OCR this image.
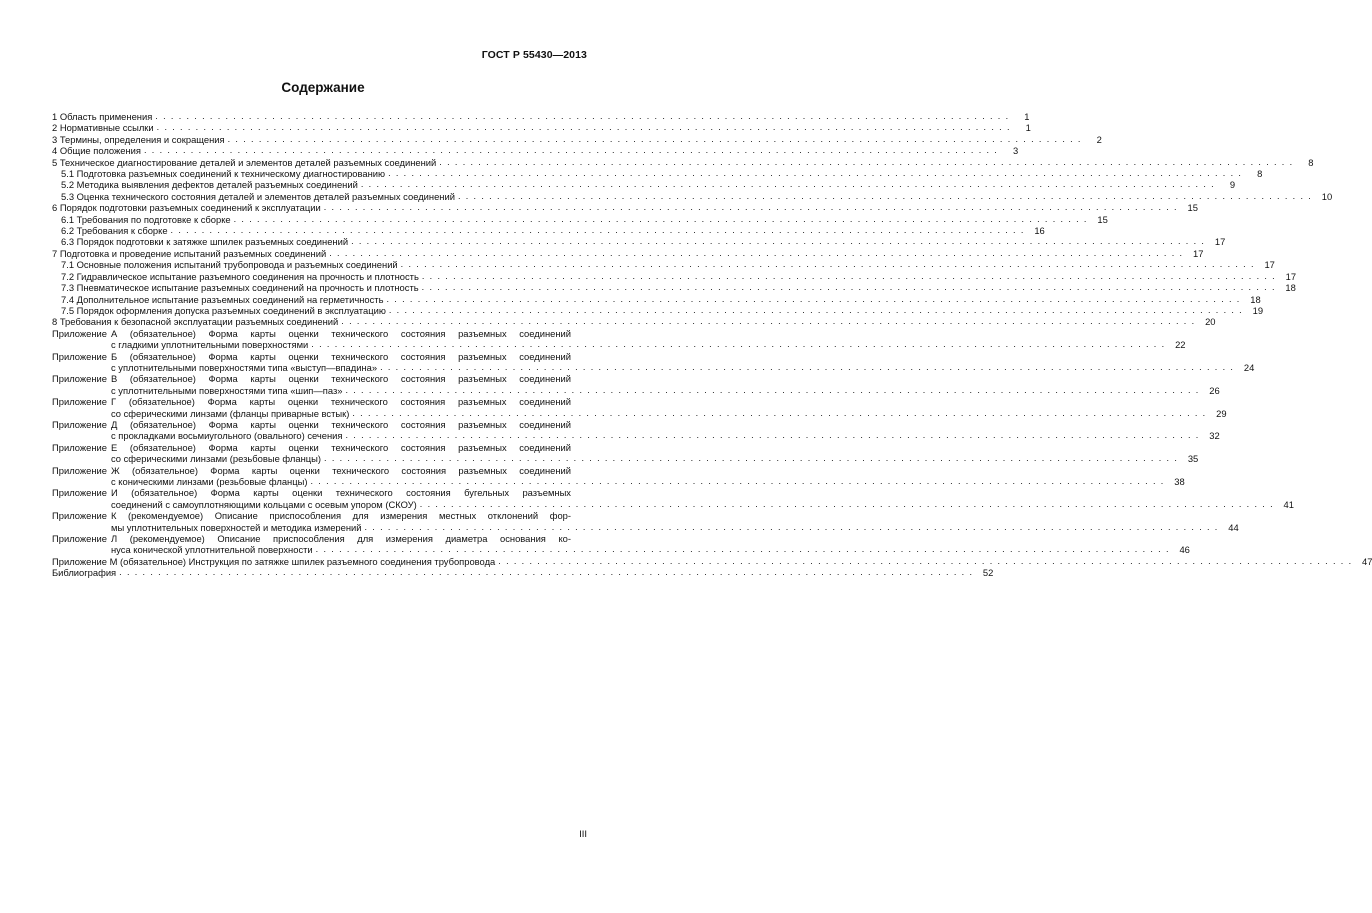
ГОСТ Р 55430—2013
Содержание
1 Область применения . . .	1
2 Нормативные ссылки . . .	1
3 Термины, определения и сокращения . . .	2
4 Общие положения . . .	3
5 Техническое диагностирование деталей и элементов деталей разъемных соединений . . .	8
5.1 Подготовка разъемных соединений к техническому диагностированию . . .	8
5.2 Методика выявления дефектов деталей разъемных соединений . . .	9
5.3 Оценка технического состояния деталей и элементов деталей разъемных соединений . . .	10
6 Порядок подготовки разъемных соединений к эксплуатации . . .	15
6.1 Требования по подготовке к сборке . . .	15
6.2 Требования к сборке . . .	16
6.3 Порядок подготовки к затяжке шпилек разъемных соединений . . .	17
7 Подготовка и проведение испытаний разъемных соединений . . .	17
7.1 Основные положения испытаний трубопровода и разъемных соединений . . .	17
7.2 Гидравлическое испытание разъемного соединения на прочность и плотность . . .	17
7.3 Пневматическое испытание разъемных соединений на прочность и плотность . . .	18
7.4 Дополнительное испытание разъемных соединений на герметичность . . .	18
7.5 Порядок оформления допуска разъемных соединений в эксплуатацию . . .	19
8 Требования к безопасной эксплуатации разъемных соединений . . .	20
Приложение А (обязательное) Форма карты оценки технического состояния разъемных соединений
с гладкими уплотнительными поверхностями . . .	22
Приложение Б (обязательное) Форма карты оценки технического состояния разъемных соединений
с уплотнительными поверхностями типа «выступ—впадина» . . .	24
Приложение В (обязательное) Форма карты оценки технического состояния разъемных соединений
с уплотнительными поверхностями типа «шип—паз» . . .	26
Приложение Г (обязательное) Форма карты оценки технического состояния разъемных соединений
со сферическими линзами (фланцы приварные встык) . . .	29
Приложение Д (обязательное) Форма карты оценки технического состояния разъемных соединений
с прокладками восьмиугольного (овального) сечения . . .	32
Приложение Е (обязательное) Форма карты оценки технического состояния разъемных соединений
со сферическими линзами (резьбовые фланцы) . . .	35
Приложение Ж (обязательное) Форма карты оценки технического состояния разъемных соединений
с коническими линзами (резьбовые фланцы) . . .	38
Приложение И (обязательное) Форма карты оценки технического состояния бугельных разъемных
соединений с самоуплотняющими кольцами с осевым упором (СКОУ) . . .	41
Приложение К (рекомендуемое) Описание приспособления для измерения местных отклонений фор-
мы уплотнительных поверхностей и методика измерений . . .	44
Приложение Л (рекомендуемое) Описание приспособления для измерения диаметра основания ко-
нуса конической уплотнительной поверхности . . .	46
Приложение М (обязательное) Инструкция по затяжке шпилек разъемного соединения трубопровода . . .	47
Библиография . . .	52
III
